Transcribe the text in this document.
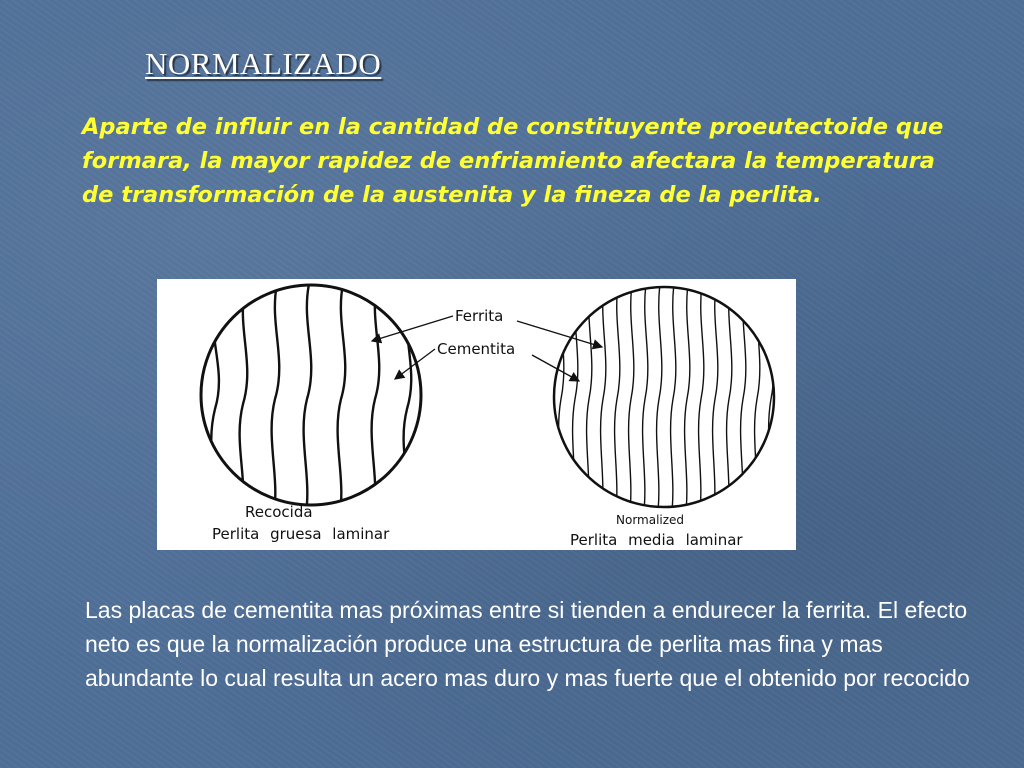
NORMALIZADO

Aparte de influir en la cantidad de constituyente proeutectoide que formara, la mayor rapidez de enfriamiento afectara la temperatura de transformación de la austenita y la fineza de la perlita.

Ferrita
Cementita
Recocida
Perlita gruesa laminar
Normalized
Perlita media laminar

Las placas de cementita mas próximas entre si tienden a endurecer la ferrita. El efecto neto es que la normalización produce una estructura de perlita mas fina y mas abundante lo cual resulta un acero mas duro y mas fuerte que el obtenido por recocido
